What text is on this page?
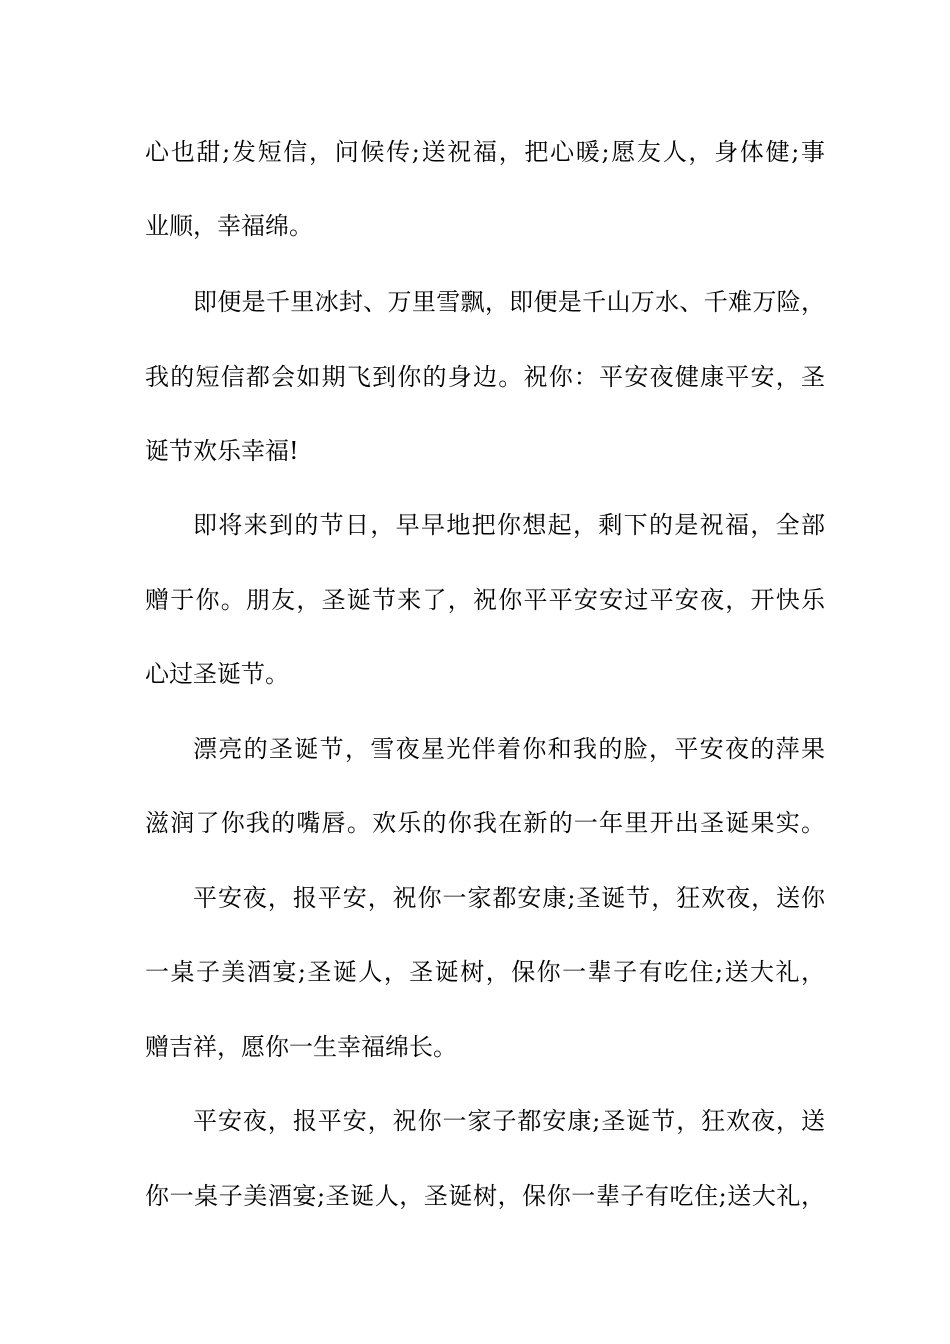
心也甜;发短信，问候传;送祝福，把心暖;愿友人，身体健;事
业顺，幸福绵。
即便是千里冰封、万里雪飘，即便是千山万水、千难万险，
我的短信都会如期飞到你的身边。祝你：平安夜健康平安，圣
诞节欢乐幸福!
即将来到的节日，早早地把你想起，剩下的是祝福，全部
赠于你。朋友，圣诞节来了，祝你平平安安过平安夜，开快乐
心过圣诞节。
漂亮的圣诞节，雪夜星光伴着你和我的脸，平安夜的萍果
滋润了你我的嘴唇。欢乐的你我在新的一年里开出圣诞果实。
平安夜，报平安，祝你一家都安康;圣诞节，狂欢夜，送你
一桌子美酒宴;圣诞人，圣诞树，保你一辈子有吃住;送大礼，
赠吉祥，愿你一生幸福绵长。
平安夜，报平安，祝你一家子都安康;圣诞节，狂欢夜，送
你一桌子美酒宴;圣诞人，圣诞树，保你一辈子有吃住;送大礼，
